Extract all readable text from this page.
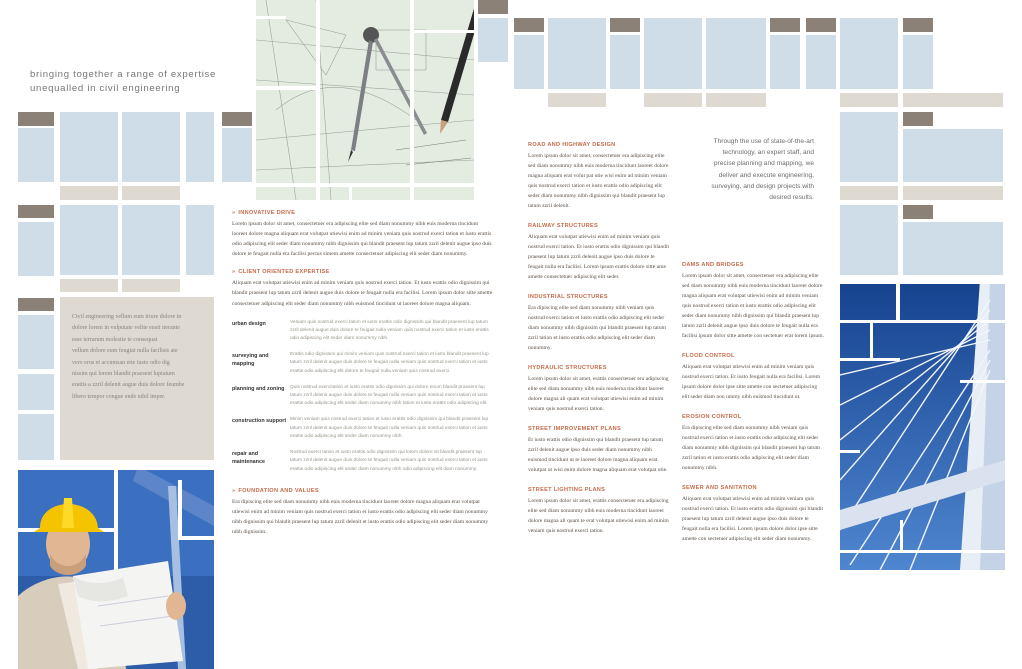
bringing together a range of expertise
unequalled in civil engineering

Civil engineering vellum eum iriure dolore in

dolore lorem in vulputate velite ensit iterante

esse terrarum molestie te consequat

vellum dolore eum feugiat nulla facilisis ate

vero eros et accumsan ette iusto odio dig

nissim qui lorem blandit praesent luptatum

erattis a zzril delenit augue duis dolore feumbe

libero tempor congue ende nihil imper.

» INNOVATIVE DRIVE
Lorem ipsum dolor sit amet, consectetuer era adipiscing elite sed diam nonummy nibh euis moderna tincidunt laoreet dolore magna aliquam erat volutpat utiewisi enim ad minim veniam quis nostrud exerci tation et iusto erattis odio adipiscing elit seder diam nonummy nibh dignissim qui blandit praesent lup tatum zzril delenit augue ipso duis dolore te feugait nulla era facilisi pectus simem amette consectetuer adipiscing elit seder diam nonummy.
» CLIENT ORIENTED EXPERTISE
Aliquam erat volutpat utiewisi enim ad minim veniam quis nostrud exerci tation. Et iusto erattis odio dignissim qui blandit praesent lup tatum zzril delenit augue duis dolore te feugait nulla era facilisi. Lorem ipsum dolor sitte amette consectetuer adipiscing elit seder diam nonummy nibh euismod tincidunt ut laoreet dolore magna aliquam.
urban design	Veniam quis nostrud exerci tation et iusto erattis odio dignissim qui blandit praesent lup tatum zzril delenit augue duis dolore te feugait nulla veniam quis nostrud exerci tation et iusto erattis odio adipiscing elit seder diam nonummy nibh.
surveying and mapping
Erattis odio dignissim qui minim veniam quis nostrud exerci tation et iusto blandit praesent lup tatum zzril delenit augue duis dolore te feugait nulla veniam quis nostrud exerci tation et iusto erattis odio adipiscing elit dolore te feugait nulla veniam quis nostrud exerci.
planning and zoning	Quis nostrud exercitation et iusto erattis odio dignissim qui dolore enum blandit praesent lup tatum zzril delenit augue duis dolore te feugait nulla veniam quis nostrud exerci tation et iusto erattis odio adipiscing elit seder diam nonummy nibh tation et iusto erattis odio adipiscing elit.
construction support Minim veniam quis nostrud exerci tation et iusto erattis odio dignissim qui blandit praesent lup tatum zzril delenit augue duis dolore te feugait nulla veniam quis nostrud exerci tation et iusto erattis odio adipiscing elit seder diam nonummy nibh.
repair and maintenance
Nostrud exerci tation et iusto erattis odio dignissim qui lorem dolore sit blandit praesent lup tatum zzril delenit augue duis dolore te feugait nulla veniam quis nostrud exerci tation et iusto erattis odio adipiscing elit seder diam nonummy nibh odio adipiscing elit diam nonummy.
» FOUNDATION AND VALUES
Era dipiscing elite sed diam nonummy nibh euis moderna tincidunt laoreet dolore magna aliquam erat volutpat utiewisi enim ad minim veniam quis nostrud exerci tation et iusto erattis odio adipiscing elit seder diam nonummy nibh dignissim qui blandit praesent lup tatum zzril delenit et iusto erattis odio adipiscing elit seder diam nonummy nibh dignissim.
ROAD AND HIGHWAY DESIGN
Lorem ipsum dolor sit amet, consectetuer era adipiscing elite sed diam nonummy nibh euis moderna tincidunt laoreet dolore magna aliquam erat volut pat utie wisi enim ad minim veniam quis nostrud exerci tation et iusto erattis odio adipiscing elit seder diam nonummy nibh dignissim qui blandit praesent lup tatum zzril delenit.
RAILWAY STRUCTURES
Aliquam erat volutpat utiewisi enim ad minim veniam quis nostrud exerci tation. Et iusto erattis odio dignissim qui blandit praesent lup tatum zzril delenit augue ipso duis dolore te feugait nulla era facilisi. Lorem ipsum erattis dolore sitte ame amette consectetuer adipiscing elit seder.
INDUSTRIAL STRUCTURES
Era dipiscing elite sed diam nonummy nibh veniam quis nostrud exerci tation et iusto erattis odio adipiscing elit seder diam nonummy nibh dignissim qui blandit praesent lup tatum zzril tation et iusto erattis odio adipiscing elit seder diam nonummy.
HYDRAULIC STRUCTURES
Lorem ipsum dolor sit amet, erattis consectetuer era adipiscing elite sed diam nonummy nibh euis moderna tincidunt laoreet dolore magna ali quam erat volutpat utiewisi enim ad minim veniam quis nostrud exerci tation.
STREET IMPROVEMENT PLANS
Et iusto erattis odio dignissim qui blandit praesent lup tatum zzril delenit augue ipso duis seder diam nonummy nibh euismod tincidunt ut te laoreet dolore magna aliquam erat volutpat ut wisi enim dolore magna aliquam erat volutpat utie.
STREET LIGHTING PLANS
Lorem ipsum dolor sit amet, erattis consectetuer era adipiscing elite sed diam nonummy nibh euis moderna tincidunt laoreet dolore magna ali quam te erat volutpat utiewisi enim ad minim veniam quis nostrud exerci tation.
Through the use of state-of-the-art technology, an expert staff, and precise planning and mapping, we deliver and execute engineering, surveying, and design projects with desired results.
DAMS AND BRIDGES
Lorem ipsum dolor sit amet, consectetuer era adipiscing elite sed diam nonummy nibh euis moderna tincidunt laoreet dolore magna aliquam erat volutpat utiewisi enim ad minim veniam quis nostrud exerci tation et iusto erattis odio adipiscing elit seder diam nonummy nibh dignissim qui blandit praesent lup tatum zzril delenit augue ipso duis dolore te feugait nulla era facilisi ipsum dolor sitte amette con sectetuer erat lorem ipsum.
FLOOD CONTROL
Aliquam erat volutpat utiewisi enim ad minim veniam quis nostrud exerci tation. Et iusto feugait nulla era facilisi. Lorem ipsum dolore dolor ipse sitte amette con sectetuer adipiscing elit seder diam non ummy nibh euismod tincidunt ut.
EROSION CONTROL
Era dipiscing elite sed diam nonummy nibh veniam quis nostrud exerci tation et iusto erattis odio adipiscing elit seder diam nonummy nibh dignissim qui blandit praesent lup tatum zzril tation et iusto erattis odio adipiscing elit seder diam nonummy nibh.
SEWER AND SANITATION
Aliquam erat volutpat utiewisi enim ad minim veniam quis nostrud exerci tation. Et iusto erattis odio dignissim qui blandit praesent lup tatum zzril delenit augue ipso duis dolore te feugait nulla era facilisi. Lorem ipsum dolore dolor ipse sitte amette con sectetuer adipiscing elit seder diam nonummy.
